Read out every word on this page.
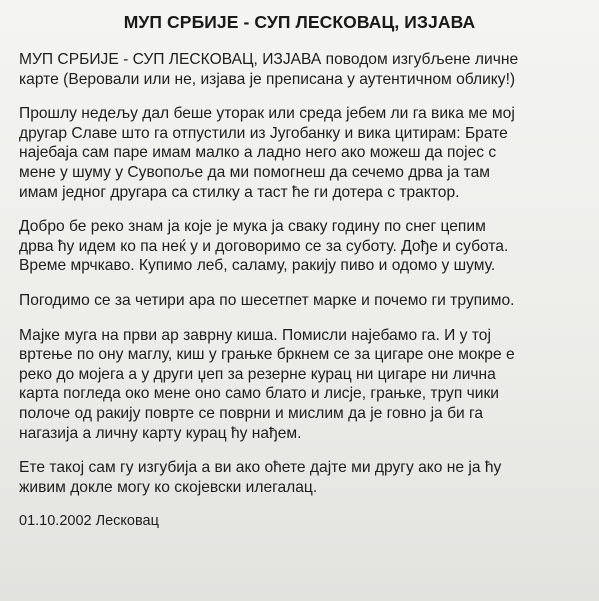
МУП СРБИЈЕ - СУП ЛЕСКОВАЦ, ИЗЈАВА

МУП СРБИЈЕ - СУП ЛЕСКОВАЦ, ИЗЈАВА поводом изгубљене личне
карте (Веровали или не, изјава је преписана у аутентичном облику!)

Прошлу недељу дал беше уторак или среда јебем ли га вика ме мој
другар Славе што га отпустили из Југобанку и вика цитирам: Брате
најебаја сам паре имам малко а ладно него ако можеш да појеc с
мене у шуму у Сувопоље да ми помогнеш да сечемо дрва ја там
имам једног другара са стилку а таст ће ги дотера с трактор.

Добро бе реко знам ја које је мука ја сваку годину по снег цепим
дрва ћу идем ко па неќ у и договоримо се за суботу. Дође и субота.
Време мрчкаво. Купимо леб, саламу, ракију пиво и одомо у шуму.

Погодимо се за четири ара по шесетпет марке и почемо ги трупимо.

Мајке муга на први ар заврну киша. Помисли најебамо га. И у тој
вртење по ону маглу, киш у грањке бркнем се за цигаре оне мокре е
реко до мојега а у други џеп за резерне курац ни цигаре ни лична
карта погледа око мене оно само блато и лисје, грањке, труп чики
полоче од ракију поврте се поврни и мислим да је говно ја би га
нагазија а личну карту курац ћу нађем.

Ете такој сам гу изгубија а ви ако оћете дајте ми другу ако не ја ћу
живим докле могу ко скојевски илегалац.

01.10.2002 Лесковац
